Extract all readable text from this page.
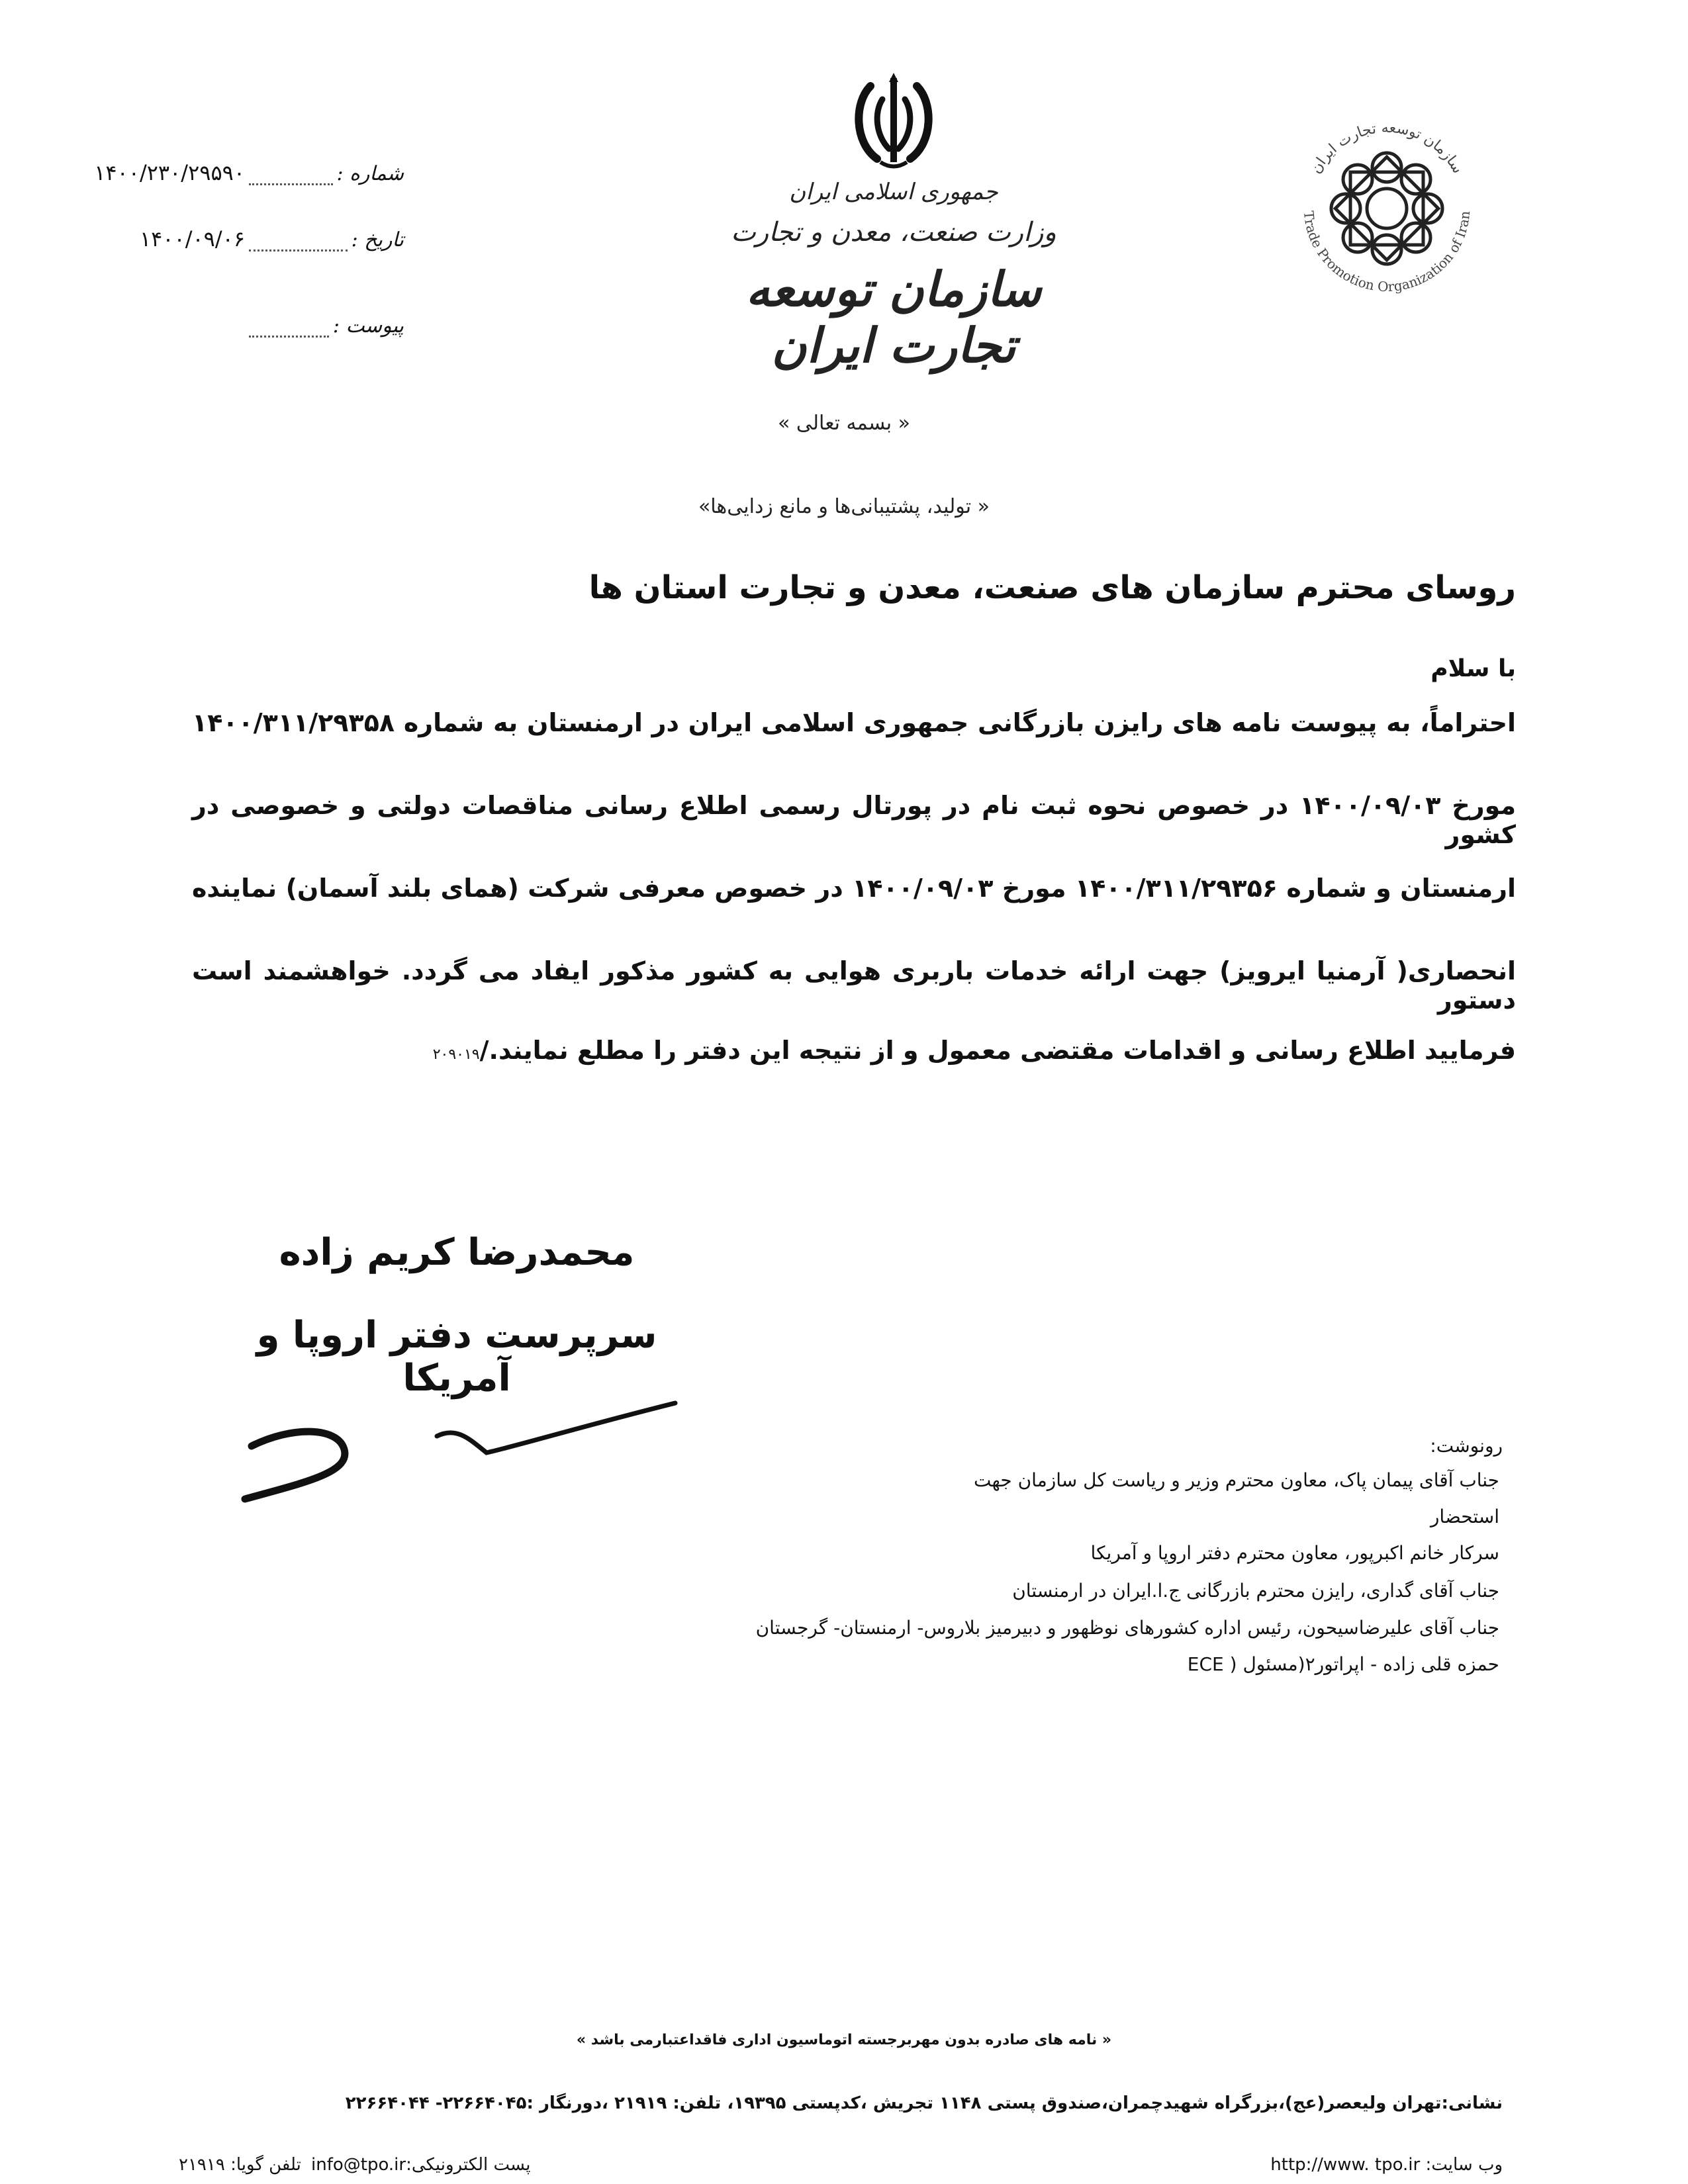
جمهوری اسلامی ایران
وزارت صنعت، معدن و تجارت
سازمان توسعه تجارت ایران
سازمان توسعه تجارت ایران
Trade Promotion Organization of Iran
۱۴۰۰/۲۳۰/۲۹۵۹۰	شماره :
۱۴۰۰/۰۹/۰۶	تاریخ :
پیوست :
« بسمه تعالی »
« تولید، پشتیبانی‌ها و مانع زدایی‌ها»
روسای محترم سازمان های صنعت، معدن و تجارت استان ها
با سلام
احتراماً، به پیوست نامه های رایزن بازرگانی جمهوری اسلامی ایران در ارمنستان به شماره ۱۴۰۰/۳۱۱/۲۹۳۵۸
مورخ ۱۴۰۰/۰۹/۰۳ در خصوص نحوه ثبت نام در پورتال رسمی اطلاع رسانی مناقصات دولتی و خصوصی در کشور
ارمنستان و شماره ۱۴۰۰/۳۱۱/۲۹۳۵۶ مورخ ۱۴۰۰/۰۹/۰۳ در خصوص معرفی شرکت (همای بلند آسمان) نماینده
انحصاری( آرمنیا ایرویز) جهت ارائه خدمات باربری هوایی به کشور مذکور ایفاد می گردد. خواهشمند است دستور
فرمایید اطلاع رسانی و اقدامات مقتضی معمول و از نتیجه این دفتر را مطلع نمایند./۲۰۹۰۱۹
محمدرضا کریم زاده
سرپرست دفتر اروپا و آمریکا
رونوشت:
جناب آقای پیمان پاک، معاون محترم وزیر و ریاست کل سازمان جهت
استحضار
سرکار خانم اکبرپور، معاون محترم دفتر اروپا و آمریکا
جناب آقای گداری، رایزن محترم بازرگانی ج.ا.ایران در ارمنستان
جناب آقای علیرضاسیحون، رئیس اداره کشورهای نوظهور و دبیرمیز بلاروس- ارمنستان- گرجستان
حمزه قلی زاده - اپراتور۲(مسئول ( ECE
« نامه های صادره بدون مهربرجسته اتوماسیون اداری فاقداعتبارمی باشد »
نشانی:تهران ولیعصر(عج)،بزرگراه شهیدچمران،صندوق پستی ۱۱۴۸ تجریش ،کدپستی ۱۹۳۹۵، تلفن: ۲۱۹۱۹ ،دورنگار :۲۲۶۶۴۰۴۵- ۲۲۶۶۴۰۴۴
وب سایت: http://www. tpo.ir
پست الکترونیکی:info@tpo.ir
تلفن گویا: ۲۱۹۱۹
